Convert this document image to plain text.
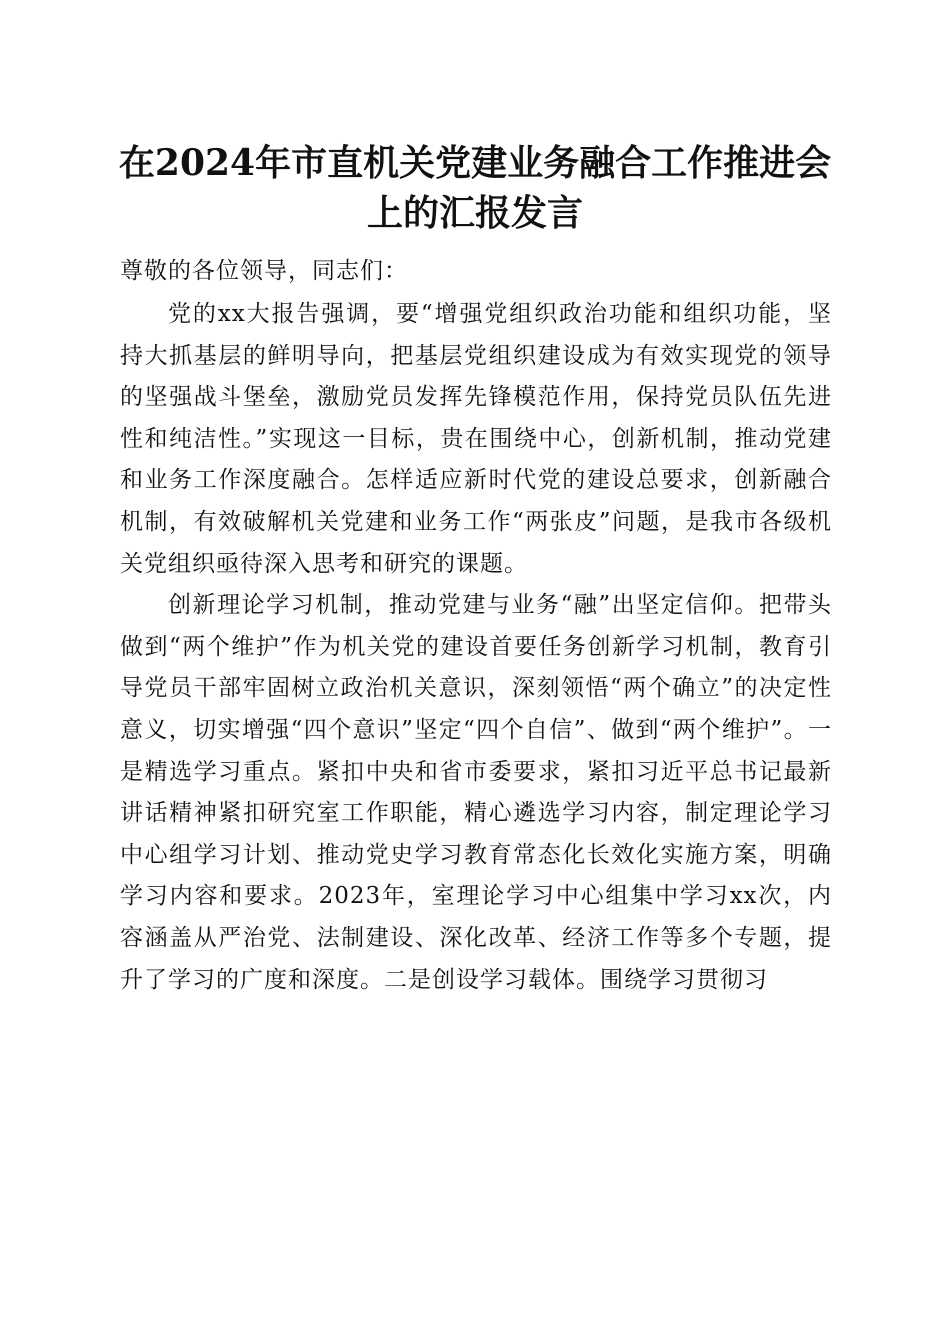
在2024年市直机关党建业务融合工作推进会
上的汇报发言

尊敬的各位领导，同志们：

党的xx大报告强调，要“增强党组织政治功能和组织功能，坚持大抓基层的鲜明导向，把基层党组织建设成为有效实现党的领导的坚强战斗堡垒，激励党员发挥先锋模范作用，保持党员队伍先进性和纯洁性。”实现这一目标，贵在围绕中心，创新机制，推动党建和业务工作深度融合。怎样适应新时代党的建设总要求，创新融合机制，有效破解机关党建和业务工作“两张皮”问题，是我市各级机关党组织亟待深入思考和研究的课题。

创新理论学习机制，推动党建与业务“融”出坚定信仰。把带头做到“两个维护”作为机关党的建设首要任务创新学习机制，教育引导党员干部牢固树立政治机关意识，深刻领悟“两个确立”的决定性意义，切实增强“四个意识”坚定“四个自信”、做到“两个维护”。一是精选学习重点。紧扣中央和省市委要求，紧扣习近平总书记最新讲话精神紧扣研究室工作职能，精心遴选学习内容，制定理论学习中心组学习计划、推动党史学习教育常态化长效化实施方案，明确学习内容和要求。2023年，室理论学习中心组集中学习xx次，内容涵盖从严治党、法制建设、深化改革、经济工作等多个专题，提升了学习的广度和深度。二是创设学习载体。围绕学习贯彻习
